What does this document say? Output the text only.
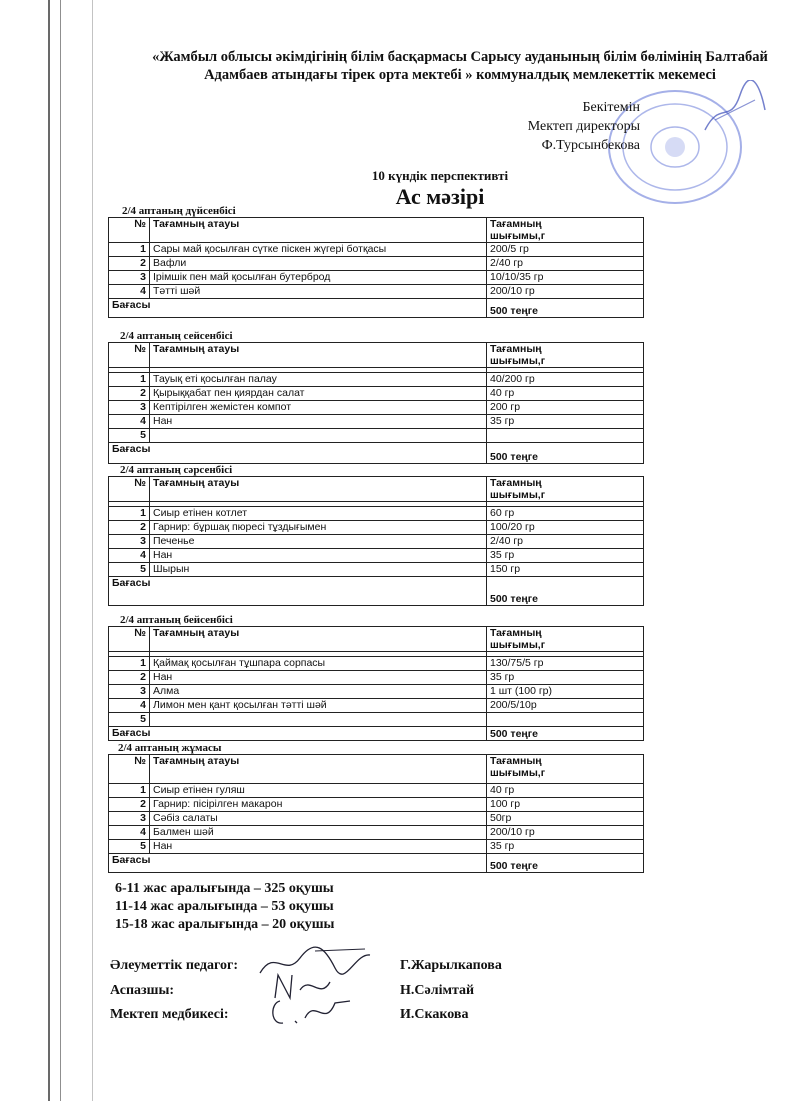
«Жамбыл облысы әкімдігінің білім басқармасы Сарысу ауданының білім бөлімінің Балтабай
Адамбаев атындағы тірек орта мектебі » коммуналдық мемлекеттік мекемесі
Бекітемін
Мектеп директоры
Ф.Турсынбекова
10 күндік перспективті
Ас мәзірі
2/4 аптаның дүйсенбісі
№	Тағамның атауы	Тағамның
шығымы,г

1	Сары май қосылған сүтке піскен жүгері ботқасы	200/5 гр
2	Вафли	2/40 гр
3	Ірімшік пен май қосылған бутерброд	10/10/35 гр
4	Тәтті шәй	200/10 гр
Бағасы		500 теңге
2/4 аптаның сейсенбісі
№	Тағамның атауы	Тағамның
шығымы,г

1	Тауық еті қосылған палау	40/200 гр
2	Қырыққабат пен қиярдан салат	40 гр
3	Кептірілген жемістен компот	200 гр
4	Нан	35 гр
5		
Бағасы		500 теңге
2/4 аптаның сәрсенбісі
№	Тағамның атауы	Тағамның
шығымы,г

1	Сиыр етінен котлет	60 гр
2	Гарнир: бұршақ пюресі тұздығымен	100/20 гр
3	Печенье	2/40 гр
4	Нан	35 гр
5	Шырын	150 гр
Бағасы		500 теңге
2/4 аптаның бейсенбісі
№	Тағамның атауы	Тағамның
шығымы,г

1	Қаймақ қосылған тұшпара сорпасы	130/75/5 гр
2	Нан	35 гр
3	Алма	1 шт (100 гр)
4	Лимон мен қант қосылған тәтті шәй	200/5/10р
5		
Бағасы		500 теңге
2/4 аптаның жұмасы
№	Тағамның атауы	Тағамның
шығымы,г

1	Сиыр етінен гуляш	40 гр
2	Гарнир: пісірілген макарон	100 гр
3	Сәбіз салаты	50гр
4	Балмен шәй	200/10 гр
5	Нан	35 гр
Бағасы		500 теңге
6-11 жас аралығында – 325 оқушы
11-14 жас аралығында – 53 оқушы
15-18 жас аралығында – 20 оқушы
Әлеуметтік педагог:	Г.Жарылкапова
Аспазшы:	Н.Сәлімтай
Мектеп медбикесі:	И.Скакова
